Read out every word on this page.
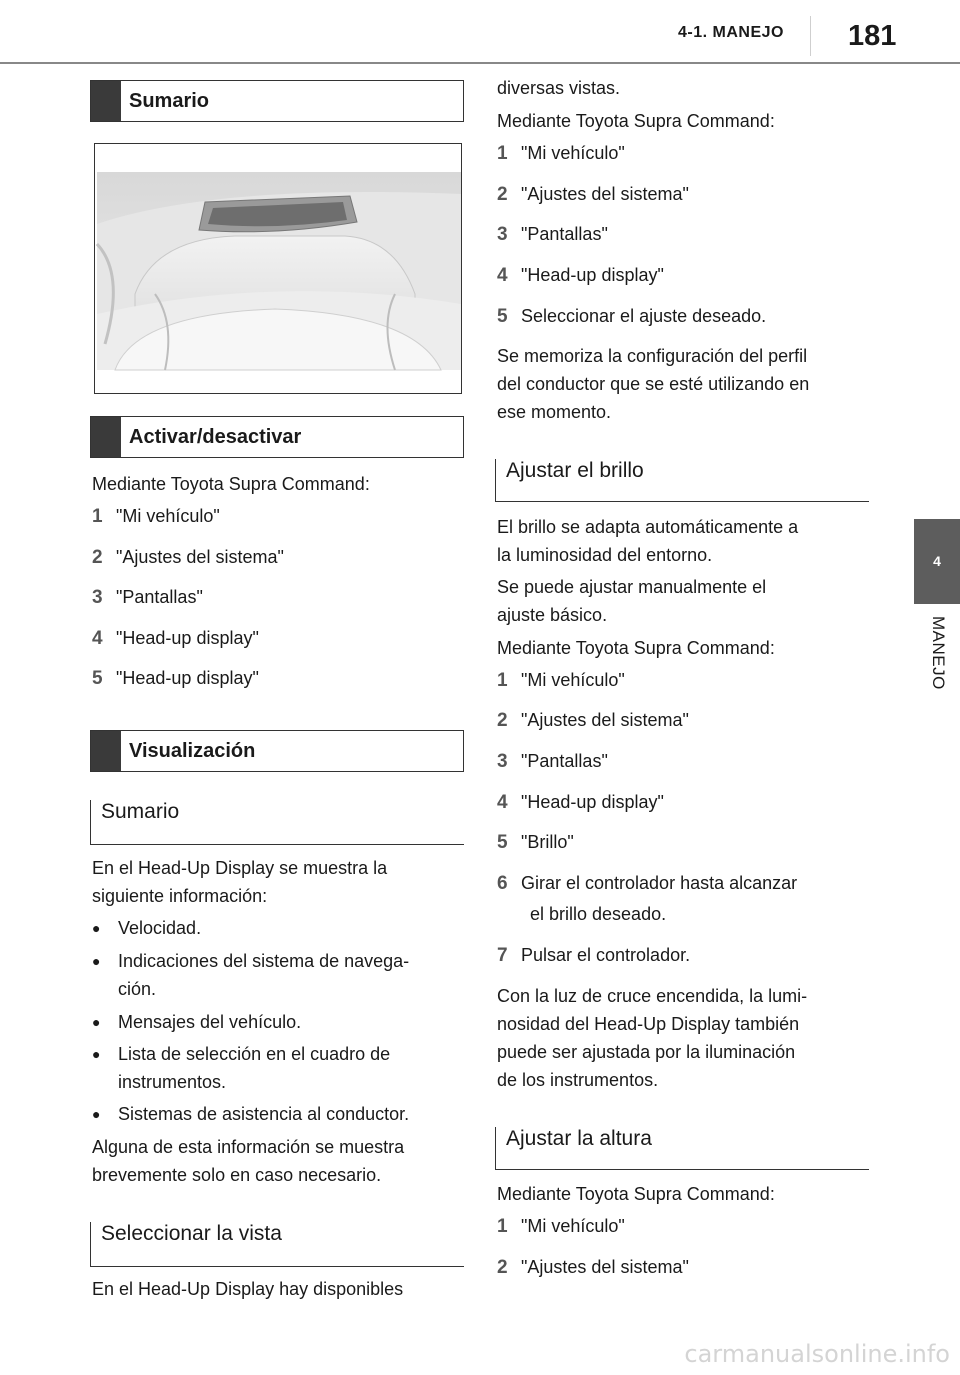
4-1. MANEJO 181
4
MANEJO
Sumario
Activar/desactivar
Mediante Toyota Supra Command:
1 "Mi vehículo"
2 "Ajustes del sistema"
3 "Pantallas"
4 "Head-up display"
5 "Head-up display"
Visualización
Sumario
En el Head-Up Display se muestra la
siguiente información:
● Velocidad.
● Indicaciones del sistema de navega-
ción.
● Mensajes del vehículo.
● Lista de selección en el cuadro de
instrumentos.
● Sistemas de asistencia al conductor.
Alguna de esta información se muestra
brevemente solo en caso necesario.
Seleccionar la vista
En el Head-Up Display hay disponibles
diversas vistas.
Mediante Toyota Supra Command:
1 "Mi vehículo"
2 "Ajustes del sistema"
3 "Pantallas"
4 "Head-up display"
5 Seleccionar el ajuste deseado.
Se memoriza la configuración del perfil
del conductor que se esté utilizando en
ese momento.
Ajustar el brillo
El brillo se adapta automáticamente a
la luminosidad del entorno.
Se puede ajustar manualmente el
ajuste básico.
Mediante Toyota Supra Command:
1 "Mi vehículo"
2 "Ajustes del sistema"
3 "Pantallas"
4 "Head-up display"
5 "Brillo"
6 Girar el controlador hasta alcanzar
el brillo deseado.
7 Pulsar el controlador.
Con la luz de cruce encendida, la lumi-
nosidad del Head-Up Display también
puede ser ajustada por la iluminación
de los instrumentos.
Ajustar la altura
Mediante Toyota Supra Command:
1 "Mi vehículo"
2 "Ajustes del sistema"
carmanualsonline.info
